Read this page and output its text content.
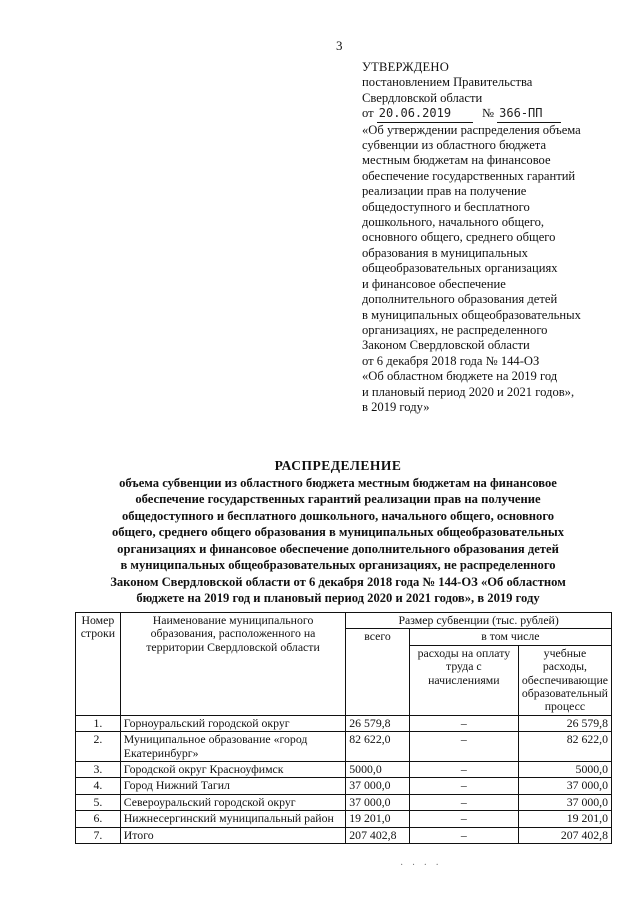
3
УТВЕРЖДЕНО
постановлением Правительства
Свердловской области
от 20.06.2019 № 366-ПП
«Об утверждении распределения объема
субвенции из областного бюджета
местным бюджетам на финансовое
обеспечение государственных гарантий
реализации прав на получение
общедоступного и бесплатного
дошкольного, начального общего,
основного общего, среднего общего
образования в муниципальных
общеобразовательных организациях
и финансовое обеспечение
дополнительного образования детей
в муниципальных общеобразовательных
организациях, не распределенного
Законом Свердловской области
от 6 декабря 2018 года № 144-ОЗ
«Об областном бюджете на 2019 год
и плановый период 2020 и 2021 годов»,
в 2019 году»
РАСПРЕДЕЛЕНИЕ
объема субвенции из областного бюджета местным бюджетам на финансовое
обеспечение государственных гарантий реализации прав на получение
общедоступного и бесплатного дошкольного, начального общего, основного
общего, среднего общего образования в муниципальных общеобразовательных
организациях и финансовое обеспечение дополнительного образования детей
в муниципальных общеобразовательных организациях, не распределенного
Законом Свердловской области от 6 декабря 2018 года № 144-ОЗ «Об областном
бюджете на 2019 год и плановый период 2020 и 2021 годов», в 2019 году
Номер строки	Наименование муниципального образования, расположенного на территории Свердловской области	Размер субвенции (тыс. рублей)		
		всего	в том числе	
			расходы на оплату труда с начислениями	учебные расходы, обеспечивающие образовательный процесс
1.	Горноуральский городской округ	26 579,8	–	26 579,8
2.	Муниципальное образование «город Екатеринбург»	82 622,0	–	82 622,0
3.	Городской округ Красноуфимск	5000,0	–	5000,0
4.	Город Нижний Тагил	37 000,0	–	37 000,0
5.	Североуральский городской округ	37 000,0	–	37 000,0
6.	Нижнесергинский муниципальный район	19 201,0	–	19 201,0
7.	Итого	207 402,8	–	207 402,8
· · · ·
